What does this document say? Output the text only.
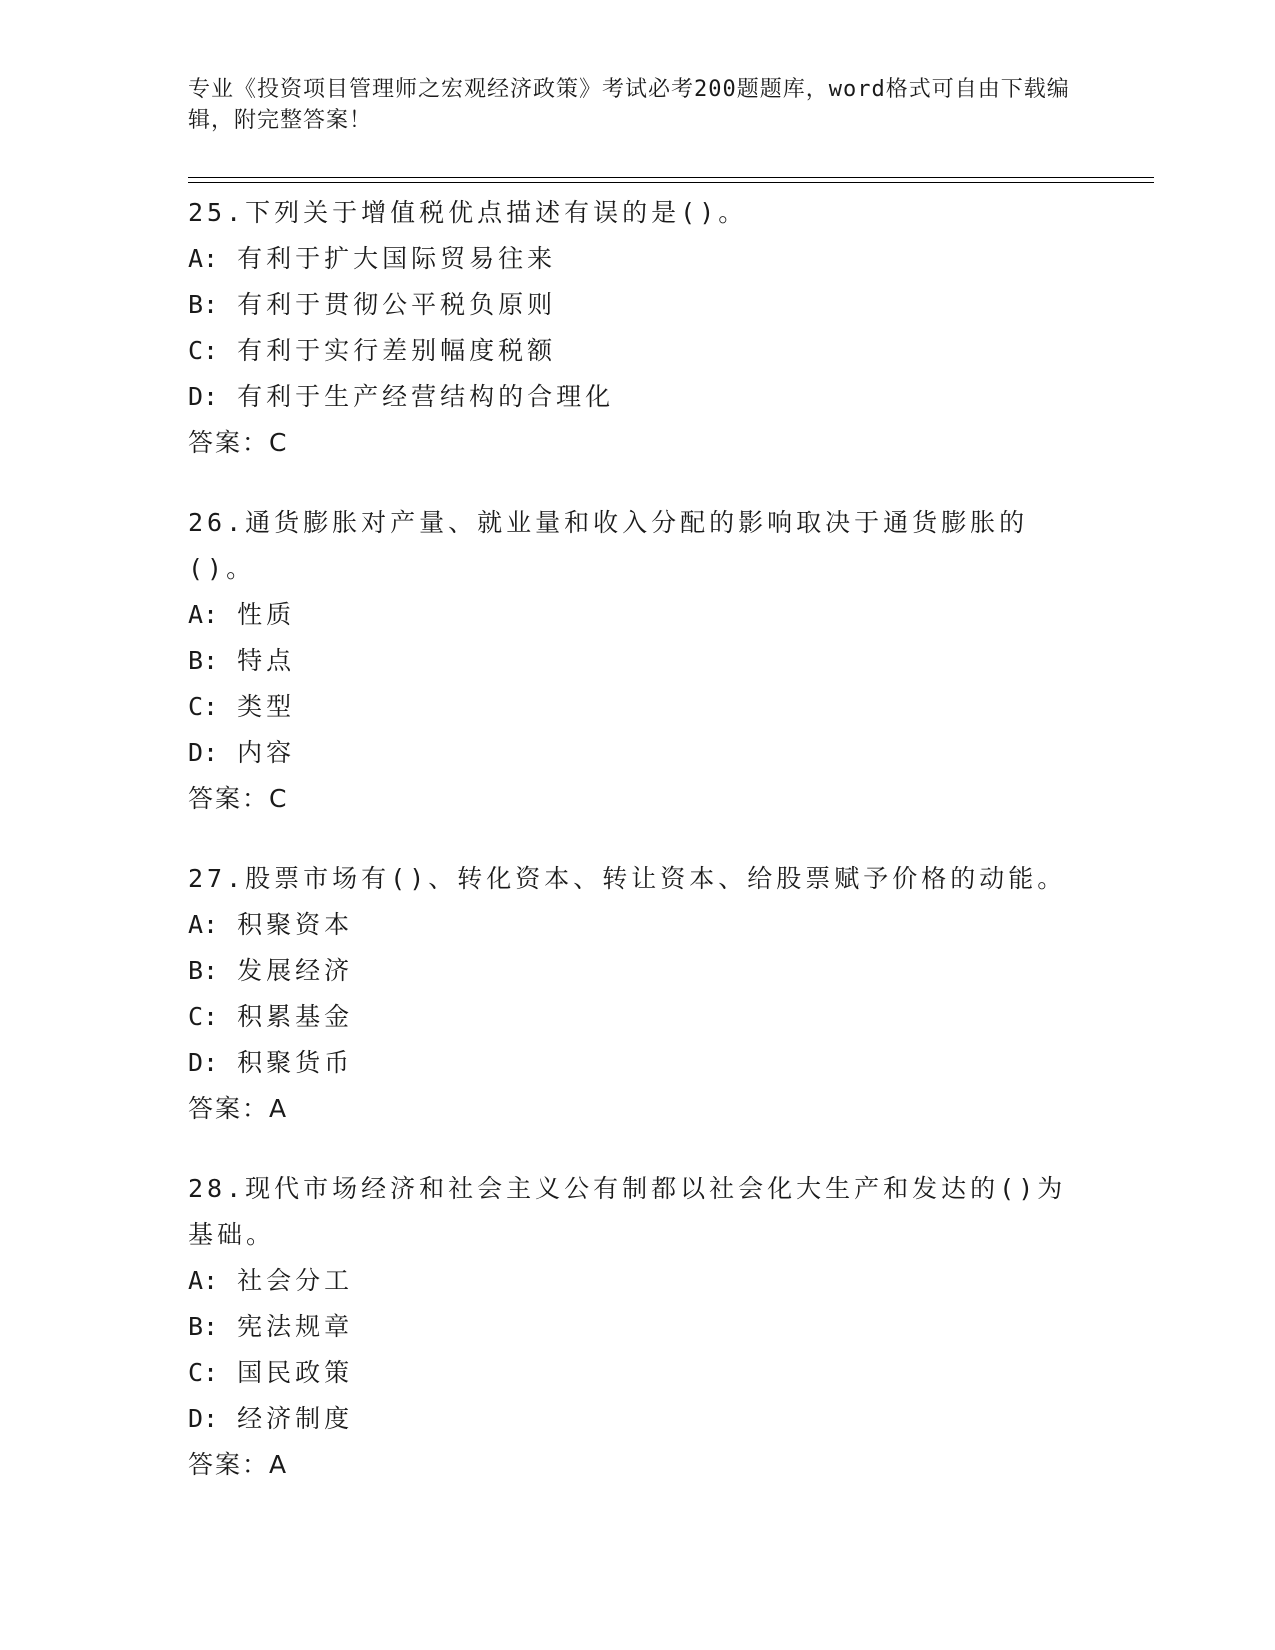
专业《投资项目管理师之宏观经济政策》考试必考200题题库，word格式可自由下载编辑，附完整答案！
25.下列关于增值税优点描述有误的是()。
A: 有利于扩大国际贸易往来
B: 有利于贯彻公平税负原则
C: 有利于实行差别幅度税额
D: 有利于生产经营结构的合理化
答案：C
26.通货膨胀对产量、就业量和收入分配的影响取决于通货膨胀的()。
A: 性质
B: 特点
C: 类型
D: 内容
答案：C
27.股票市场有()、转化资本、转让资本、给股票赋予价格的动能。
A: 积聚资本
B: 发展经济
C: 积累基金
D: 积聚货币
答案：A
28.现代市场经济和社会主义公有制都以社会化大生产和发达的()为基础。
A: 社会分工
B: 宪法规章
C: 国民政策
D: 经济制度
答案：A
